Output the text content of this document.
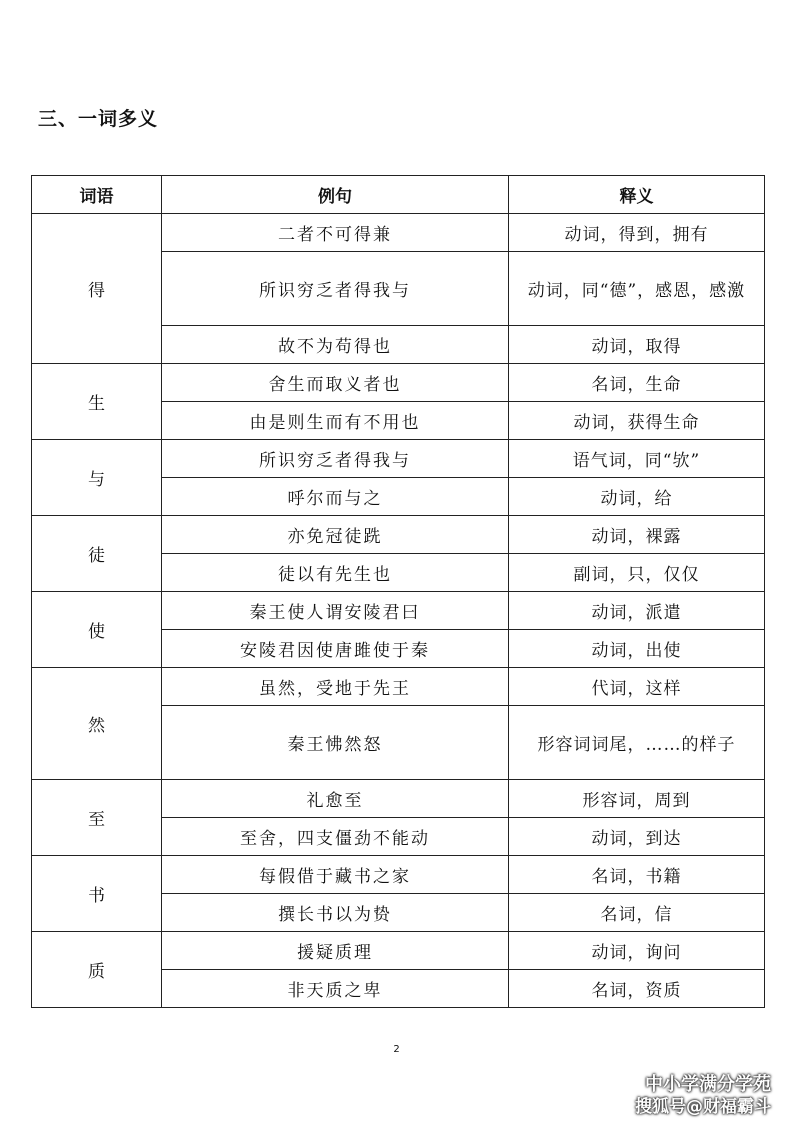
三、一词多义
词语	例句	释义
得	二者不可得兼	动词，得到，拥有
	所识穷乏者得我与	动词，同“德”，感恩，感激
	故不为苟得也	动词，取得
生	舍生而取义者也	名词，生命
	由是则生而有不用也	动词，获得生命
与	所识穷乏者得我与	语气词，同“欤”
	呼尔而与之	动词，给
徒	亦免冠徒跣	动词，裸露
	徒以有先生也	副词，只，仅仅
使	秦王使人谓安陵君曰	动词，派遣
	安陵君因使唐雎使于秦	动词，出使
然	虽然，受地于先王	代词，这样
	秦王怫然怒	形容词词尾，……的样子
至	礼愈至	形容词，周到
	至舍，四支僵劲不能动	动词，到达
书	每假借于藏书之家	名词，书籍
	撰长书以为贽	名词，信
质	援疑质理	动词，询问
	非天质之卑	名词，资质
2
中小学满分学苑
搜狐号@财福霸斗
